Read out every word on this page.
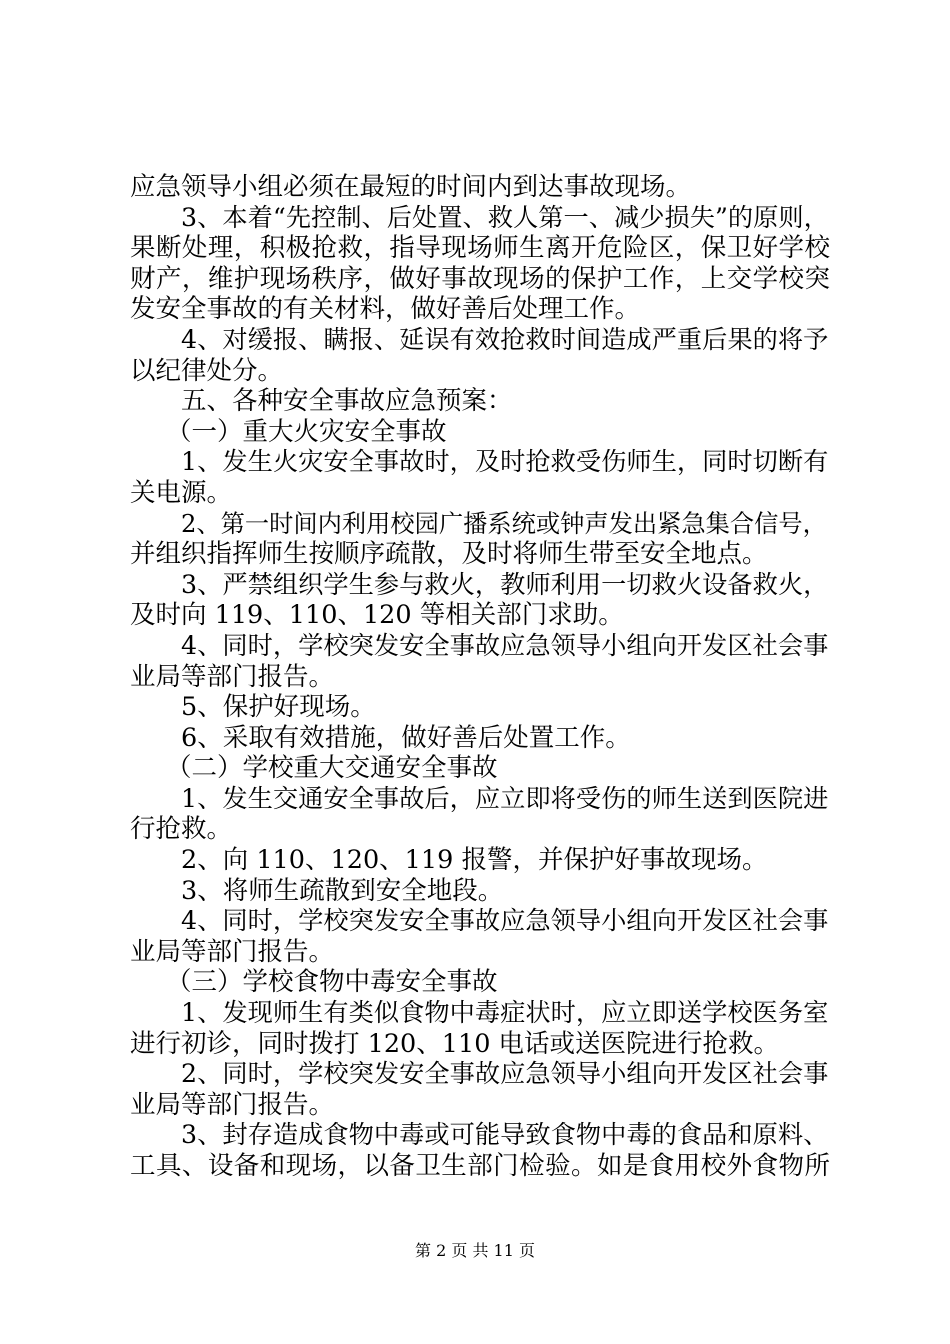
应急领导小组必须在最短的时间内到达事故现场。
3、本着“先控制、后处置、救人第一、减少损失”的原则，
果断处理，积极抢救，指导现场师生离开危险区，保卫好学校
财产，维护现场秩序，做好事故现场的保护工作，上交学校突
发安全事故的有关材料，做好善后处理工作。
4、对缓报、瞒报、延误有效抢救时间造成严重后果的将予
以纪律处分。
五、各种安全事故应急预案：
（一）重大火灾安全事故
1、发生火灾安全事故时，及时抢救受伤师生，同时切断有
关电源。
2、第一时间内利用校园广播系统或钟声发出紧急集合信号，
并组织指挥师生按顺序疏散，及时将师生带至安全地点。
3、严禁组织学生参与救火，教师利用一切救火设备救火，
及时向 119、110、120 等相关部门求助。
4、同时，学校突发安全事故应急领导小组向开发区社会事
业局等部门报告。
5、保护好现场。
6、采取有效措施，做好善后处置工作。
（二）学校重大交通安全事故
1、发生交通安全事故后，应立即将受伤的师生送到医院进
行抢救。
2、向 110、120、119 报警，并保护好事故现场。
3、将师生疏散到安全地段。
4、同时，学校突发安全事故应急领导小组向开发区社会事
业局等部门报告。
（三）学校食物中毒安全事故
1、发现师生有类似食物中毒症状时，应立即送学校医务室
进行初诊，同时拨打 120、110 电话或送医院进行抢救。
2、同时，学校突发安全事故应急领导小组向开发区社会事
业局等部门报告。
3、封存造成食物中毒或可能导致食物中毒的食品和原料、
工具、设备和现场，以备卫生部门检验。如是食用校外食物所
第 2 页 共 11 页
